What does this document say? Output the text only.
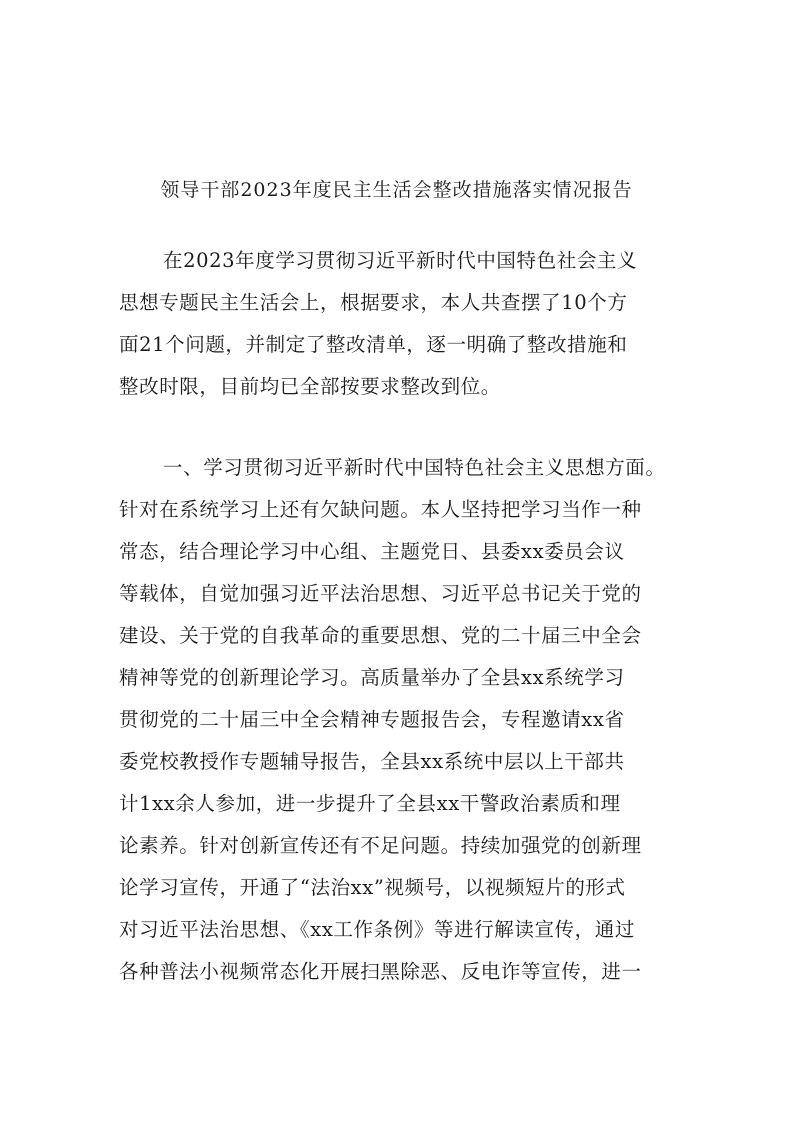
领导干部2023年度民主生活会整改措施落实情况报告
在2023年度学习贯彻习近平新时代中国特色社会主义
思想专题民主生活会上，根据要求，本人共查摆了10个方
面21个问题，并制定了整改清单，逐一明确了整改措施和
整改时限，目前均已全部按要求整改到位。
一、学习贯彻习近平新时代中国特色社会主义思想方面。
针对在系统学习上还有欠缺问题。本人坚持把学习当作一种
常态，结合理论学习中心组、主题党日、县委xx委员会议
等载体，自觉加强习近平法治思想、习近平总书记关于党的
建设、关于党的自我革命的重要思想、党的二十届三中全会
精神等党的创新理论学习。高质量举办了全县xx系统学习
贯彻党的二十届三中全会精神专题报告会，专程邀请xx省
委党校教授作专题辅导报告，全县xx系统中层以上干部共
计1xx余人参加，进一步提升了全县xx干警政治素质和理
论素养。针对创新宣传还有不足问题。持续加强党的创新理
论学习宣传，开通了“法治xx”视频号，以视频短片的形式
对习近平法治思想、《xx工作条例》等进行解读宣传，通过
各种普法小视频常态化开展扫黑除恶、反电诈等宣传，进一
